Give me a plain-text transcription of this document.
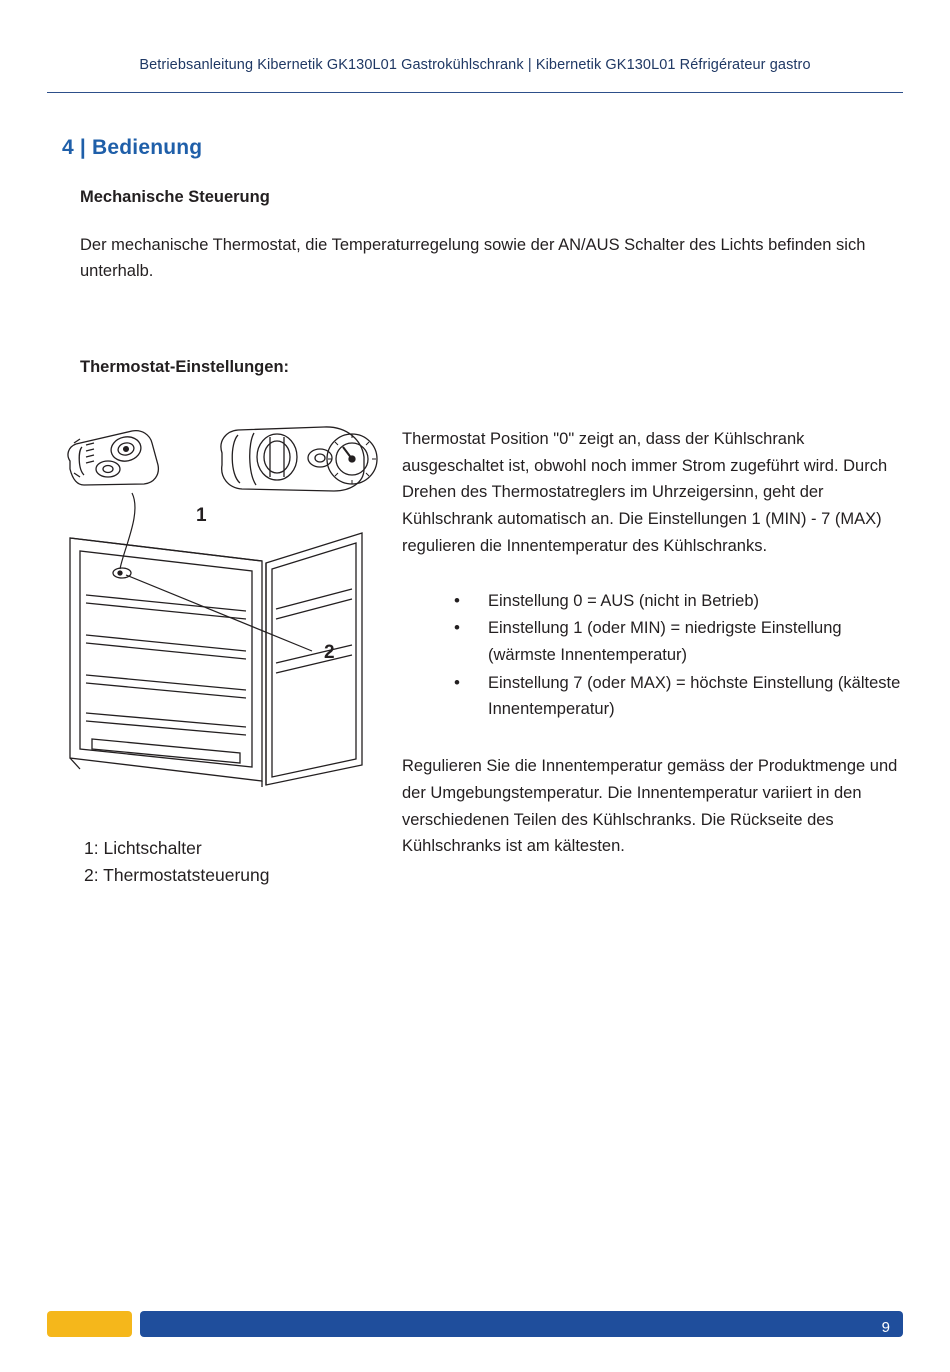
Betriebsanleitung Kibernetik GK130L01 Gastrokühlschrank | Kibernetik GK130L01 Réfrigérateur gastro
4 | Bedienung
Mechanische Steuerung

Der mechanische Thermostat, die Temperaturregelung sowie der AN/AUS Schalter des Lichts befinden sich unterhalb.

Thermostat-Einstellungen:
1
2
1: Lichtschalter
2: Thermostatsteuerung

Thermostat Position "0" zeigt an, dass der Kühlschrank ausgeschaltet ist, obwohl noch immer Strom zugeführt wird. Durch Drehen des Thermostatreglers im Uhrzeigersinn, geht der Kühlschrank automatisch an. Die Einstellungen 1 (MIN) - 7 (MAX) regulieren die Innentemperatur des Kühlschranks.

• Einstellung 0 = AUS (nicht in Betrieb)
• Einstellung 1 (oder MIN) = niedrigste Einstellung (wärmste Innentemperatur)
• Einstellung 7 (oder MAX) = höchste Einstellung (kälteste Innentemperatur)

Regulieren Sie die Innentemperatur gemäss der Produktmenge und der Umgebungstemperatur. Die Innentemperatur variiert in den verschiedenen Teilen des Kühlschranks. Die Rückseite des Kühlschranks ist am kältesten.

9
